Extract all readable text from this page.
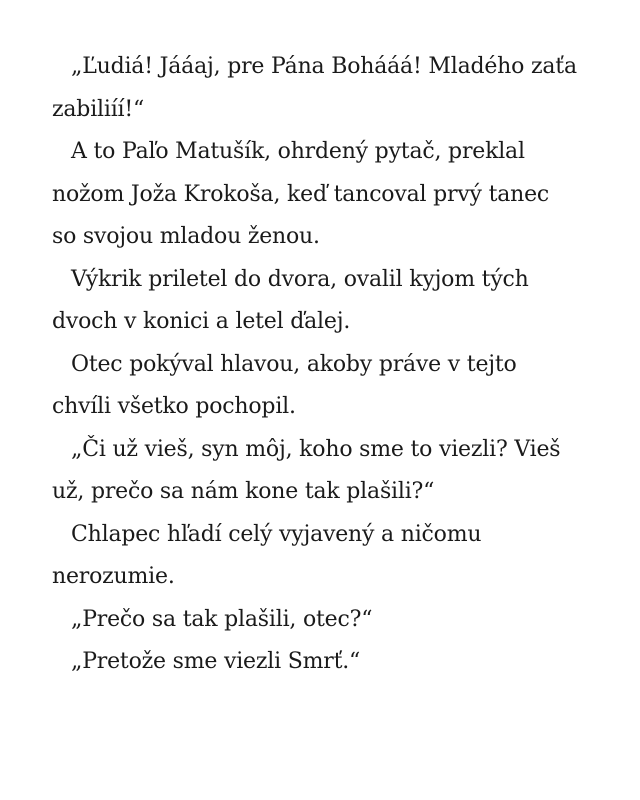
„Ľudiá! Jááaj, pre Pána Bohááá! Mladého zaťa
zabiliíí!“

A to Paľo Matušík, ohrdený pytač, preklal
nožom Joža Krokoša, keď tancoval prvý tanec
so svojou mladou ženou.

Výkrik priletel do dvora, ovalil kyjom tých
dvoch v konici a letel ďalej.

Otec pokýval hlavou, akoby práve v tejto
chvíli všetko pochopil.

„Či už vieš, syn môj, koho sme to viezli? Vieš
už, prečo sa nám kone tak plašili?“

Chlapec hľadí celý vyjavený a ničomu
nerozumie.

„Prečo sa tak plašili, otec?“

„Pretože sme viezli Smrť.“
